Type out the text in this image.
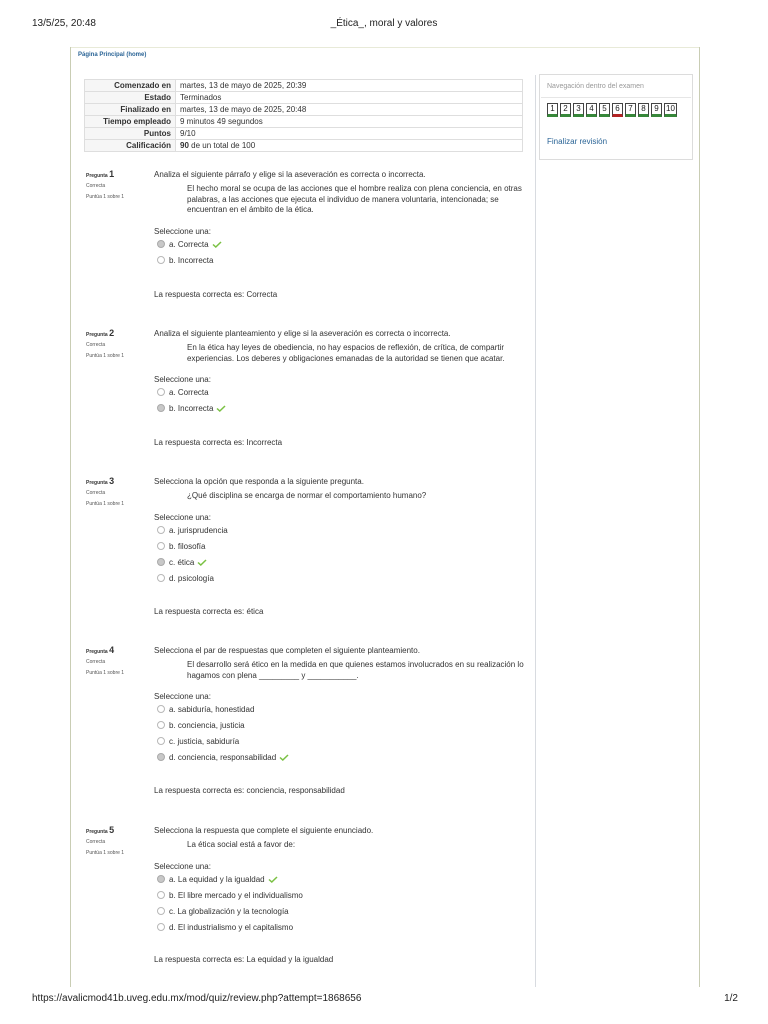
13/5/25, 20:48	_Ética_, moral y valores
Página Principal (home)
Comenzado en	martes, 13 de mayo de 2025, 20:39
Estado	Terminados
Finalizado en	martes, 13 de mayo de 2025, 20:48
Tiempo empleado	9 minutos 49 segundos
Puntos	9/10
Calificación	90 de un total de 100
Navegación dentro del examen
1	2	3	4	5	6	7	8	9 10
Finalizar revisión
Pregunta 1
Correcta
Puntúa 1 sobre 1
Analiza el siguiente párrafo y elige si la aseveración es correcta o incorrecta.
El hecho moral se ocupa de las acciones que el hombre realiza con plena conciencia, en otras palabras, a las acciones que ejecuta el individuo de manera voluntaria, intencionada; se encuentran en el ámbito de la ética.
Seleccione una:
a. Correcta
b. Incorrecta
La respuesta correcta es: Correcta
Pregunta 2
Correcta
Puntúa 1 sobre 1
Analiza el siguiente planteamiento y elige si la aseveración es correcta o incorrecta.
En la ética hay leyes de obediencia, no hay espacios de reflexión, de crítica, de compartir experiencias. Los deberes y obligaciones emanadas de la autoridad se tienen que acatar.
Seleccione una:
a. Correcta
b. Incorrecta
La respuesta correcta es: Incorrecta
Pregunta 3
Correcta
Puntúa 1 sobre 1
Selecciona la opción que responda a la siguiente pregunta.
¿Qué disciplina se encarga de normar el comportamiento humano?
Seleccione una:
a. jurisprudencia
b. filosofía
c. ética
d. psicología
La respuesta correcta es: ética
Pregunta 4
Correcta
Puntúa 1 sobre 1
Selecciona el par de respuestas que completen el siguiente planteamiento.
El desarrollo será ético en la medida en que quienes estamos involucrados en su realización lo hagamos con plena _________ y ___________.
Seleccione una:
a. sabiduría, honestidad
b. conciencia, justicia
c. justicia, sabiduría
d. conciencia, responsabilidad
La respuesta correcta es: conciencia, responsabilidad
Pregunta 5
Correcta
Puntúa 1 sobre 1
Selecciona la respuesta que complete el siguiente enunciado.
La ética social está a favor de:
Seleccione una:
a. La equidad y la igualdad
b. El libre mercado y el individualismo
c. La globalización y la tecnología
d. El industrialismo y el capitalismo
La respuesta correcta es: La equidad y la igualdad
https://avalicmod41b.uveg.edu.mx/mod/quiz/review.php?attempt=1868656	1/2
